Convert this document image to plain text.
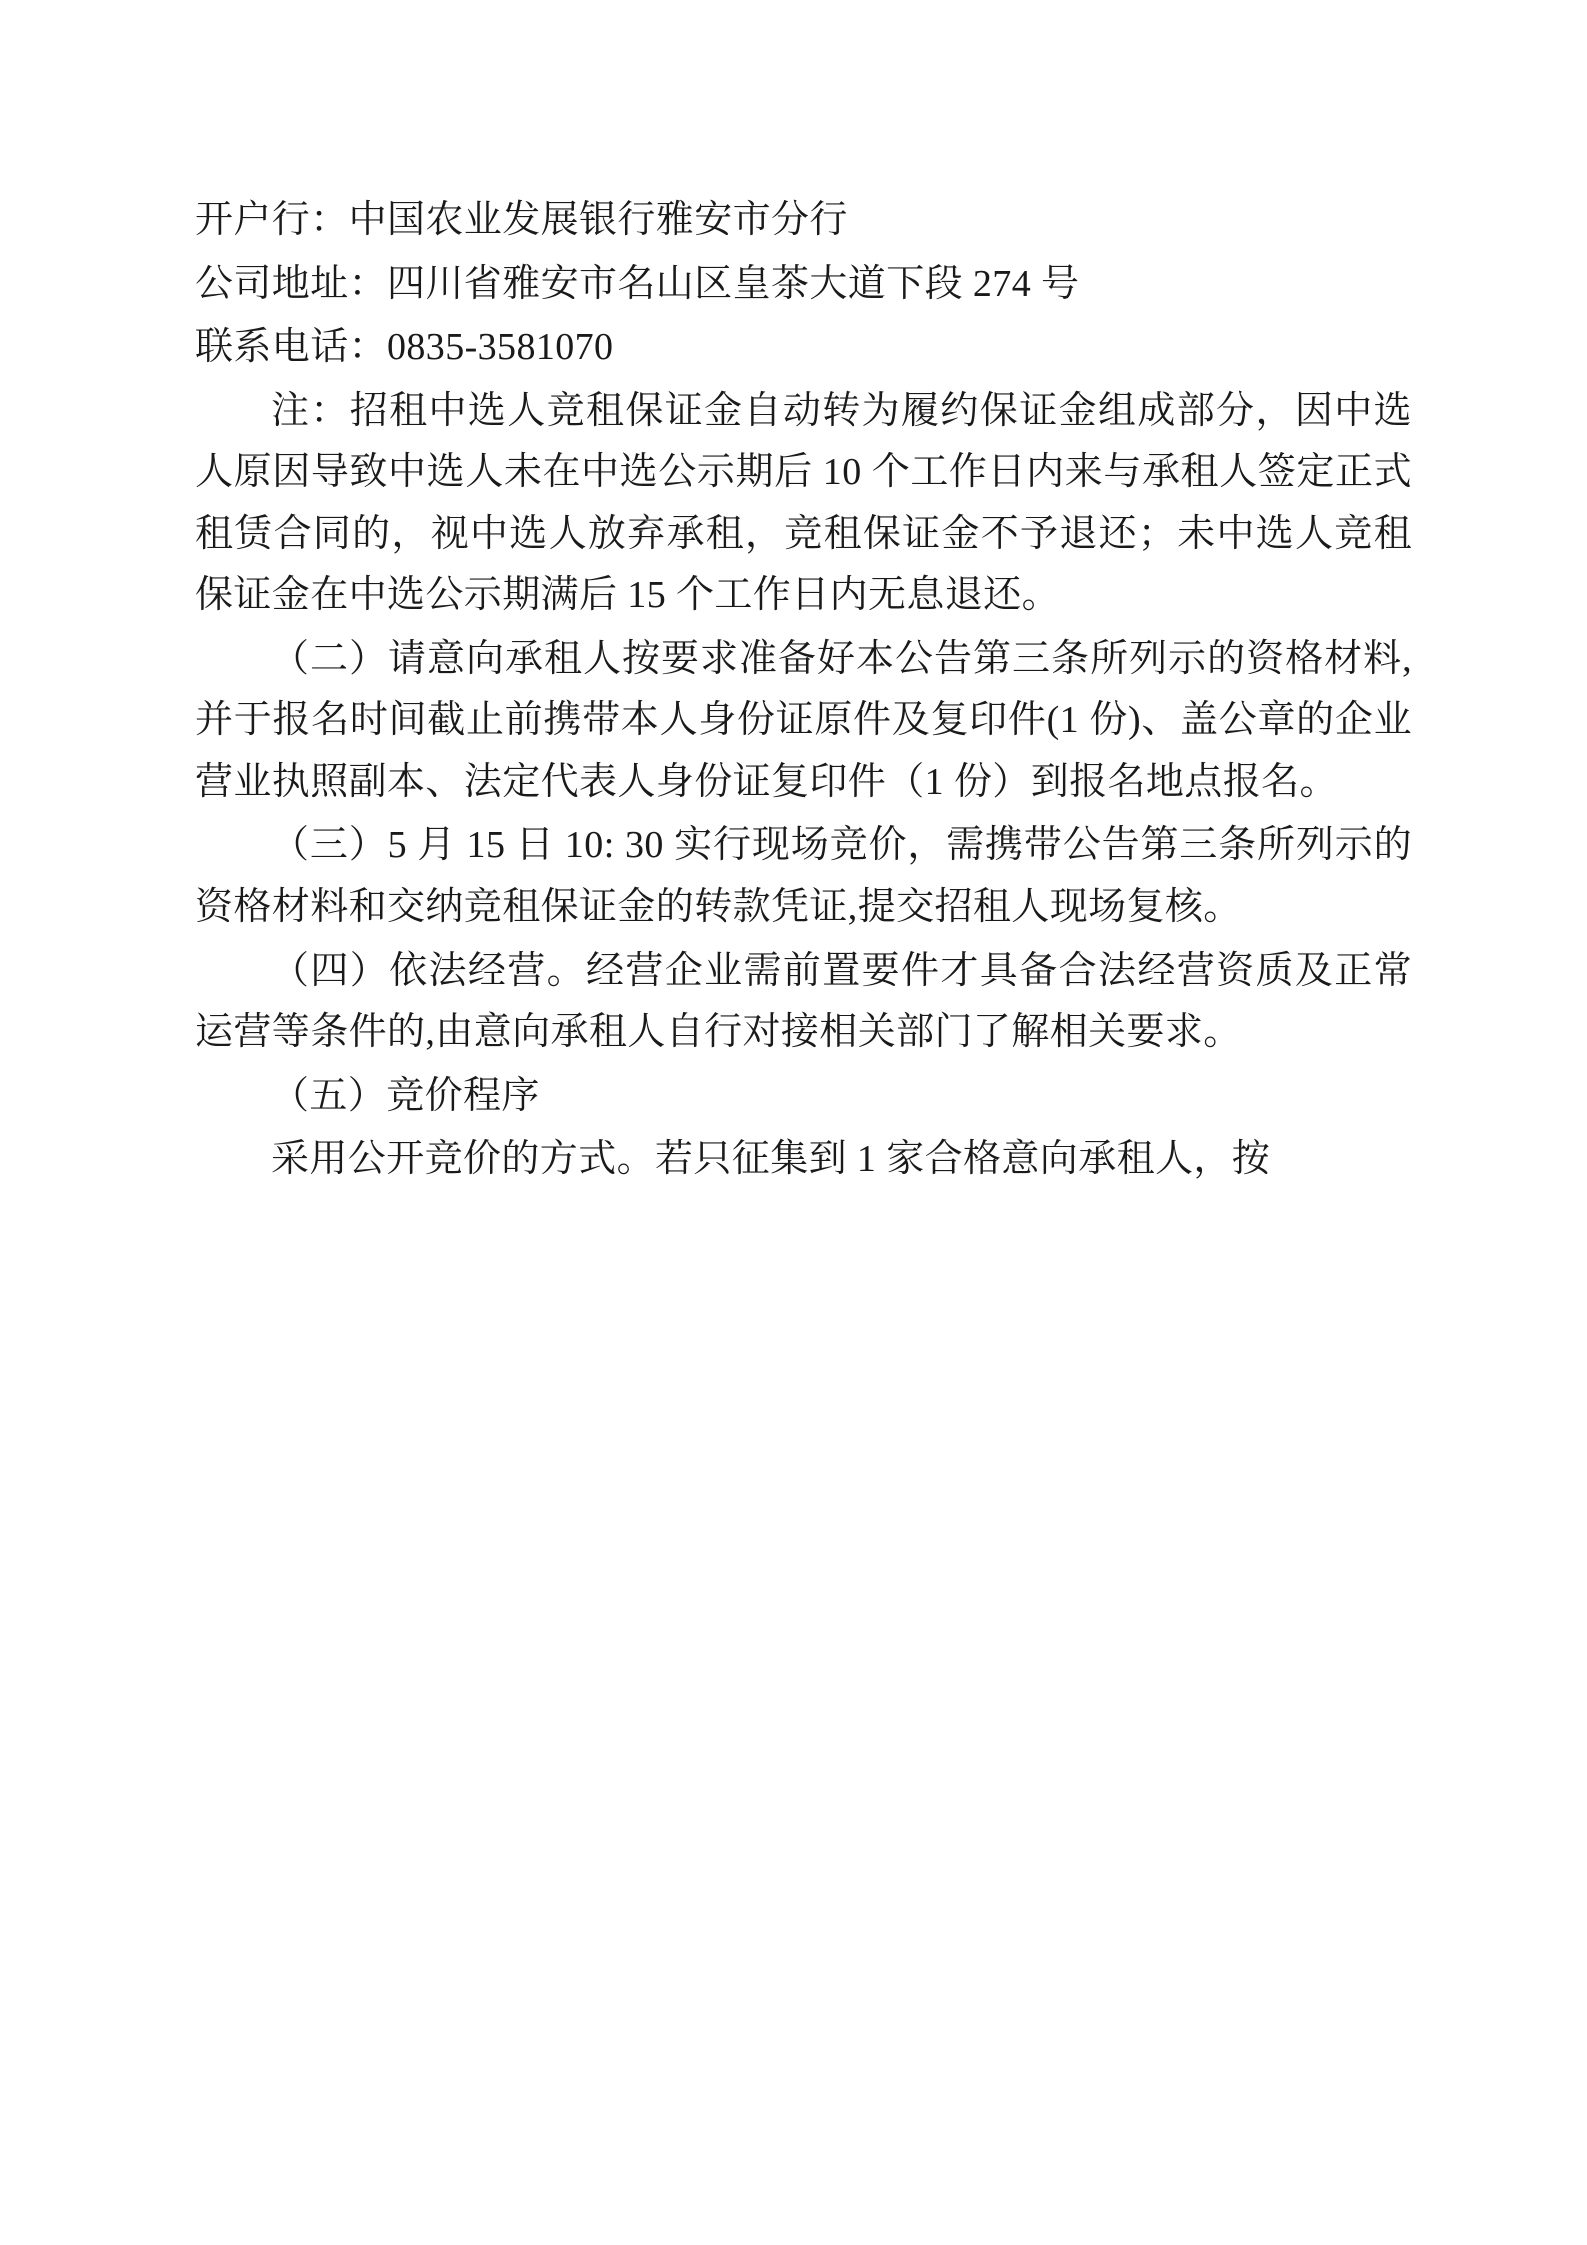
开户行：中国农业发展银行雅安市分行

公司地址：四川省雅安市名山区皇茶大道下段 274 号

联系电话：0835-3581070

注：招租中选人竞租保证金自动转为履约保证金组成部分，因中选人原因导致中选人未在中选公示期后 10 个工作日内来与承租人签定正式租赁合同的，视中选人放弃承租，竞租保证金不予退还；未中选人竞租保证金在中选公示期满后 15 个工作日内无息退还。

（二）请意向承租人按要求准备好本公告第三条所列示的资格材料,并于报名时间截止前携带本人身份证原件及复印件(1 份)、盖公章的企业营业执照副本、法定代表人身份证复印件（1 份）到报名地点报名。

（三）5 月 15 日 10: 30 实行现场竞价，需携带公告第三条所列示的资格材料和交纳竞租保证金的转款凭证,提交招租人现场复核。

（四）依法经营。经营企业需前置要件才具备合法经营资质及正常运营等条件的,由意向承租人自行对接相关部门了解相关要求。

（五）竞价程序

采用公开竞价的方式。若只征集到 1 家合格意向承租人，按
